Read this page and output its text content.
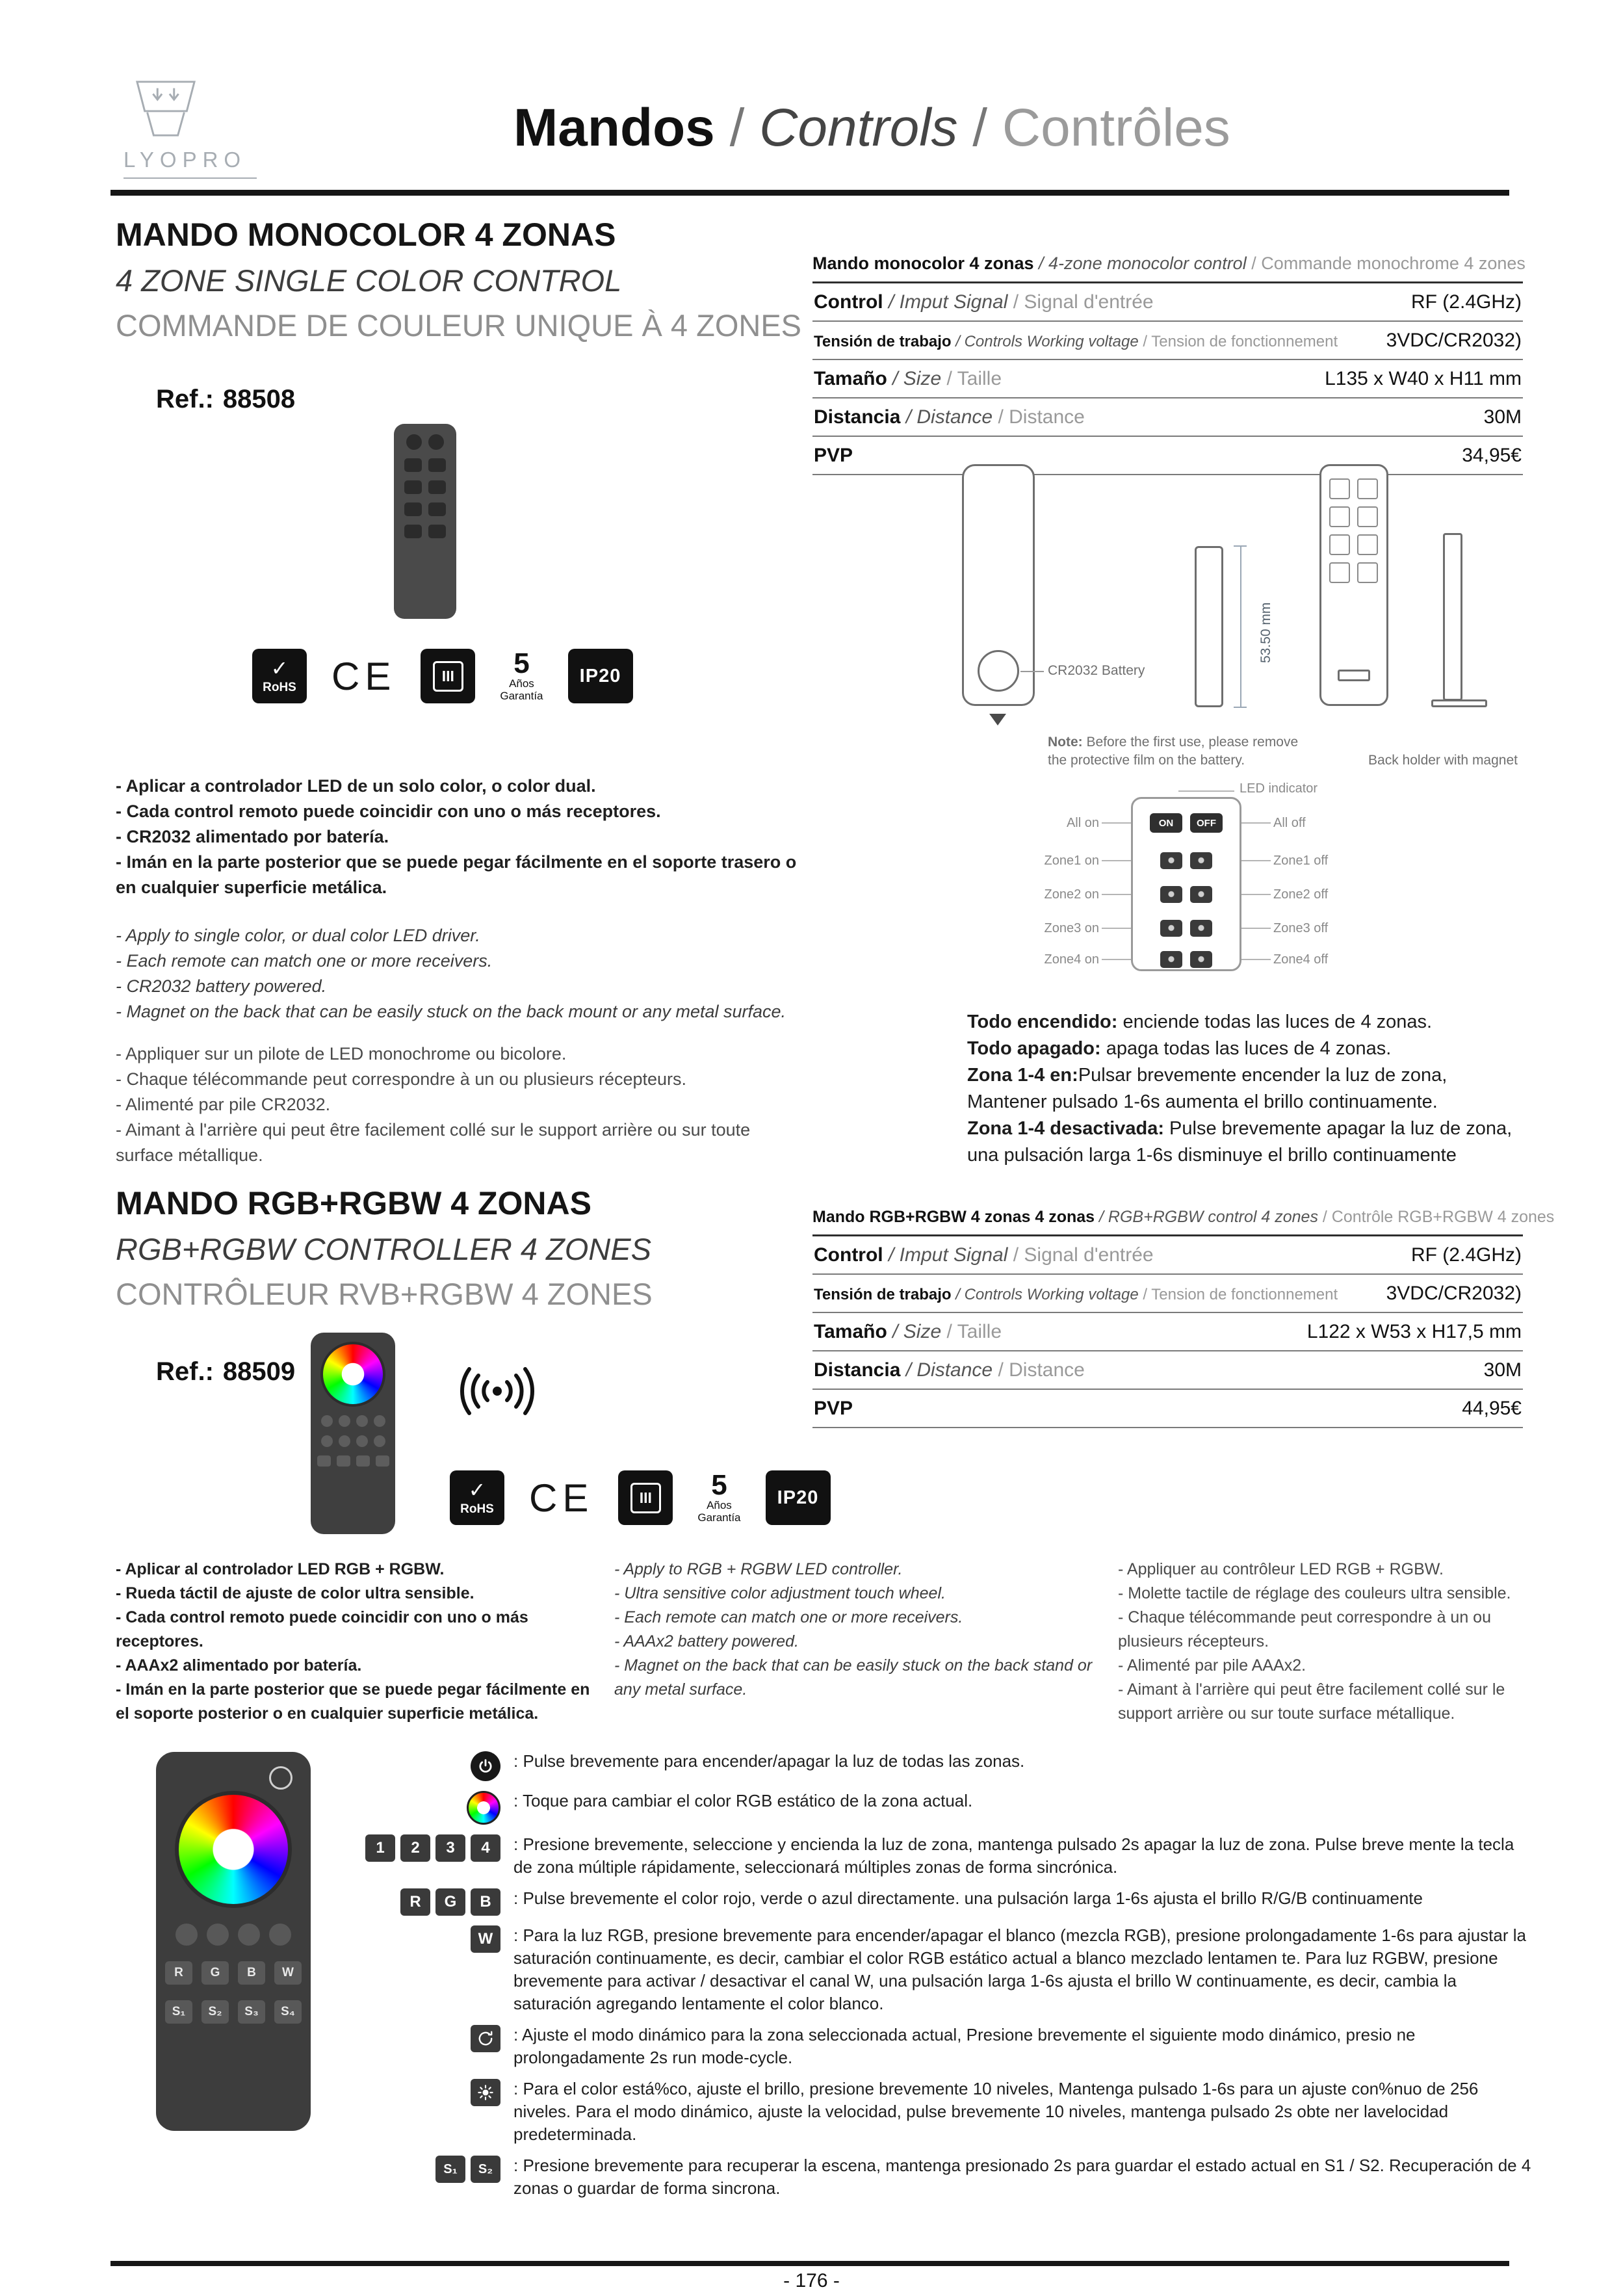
LYOPRO
Mandos / Controls / Contrôles
MANDO MONOCOLOR 4 ZONAS
4 ZONE SINGLE COLOR CONTROL
COMMANDE DE COULEUR UNIQUE À 4 ZONES
Ref.: 88508
✓
RoHS CE	III	5
Años
Garantía
IP20
- Aplicar a controlador LED de un solo color, o color dual.
- Cada control remoto puede coincidir con uno o más receptores.
- CR2032 alimentado por batería.
- Imán en la parte posterior que se puede pegar fácilmente en el soporte trasero o en cualquier superficie metálica.
- Apply to single color, or dual color LED driver.
- Each remote can match one or more receivers.
- CR2032 battery powered.
- Magnet on the back that can be easily stuck on the back mount or any metal surface.
- Appliquer sur un pilote de LED monochrome ou bicolore.
- Chaque télécommande peut correspondre à un ou plusieurs récepteurs.
- Alimenté par pile CR2032.
- Aimant à l'arrière qui peut être facilement collé sur le support arrière ou sur toute surface métallique.
Mando monocolor 4 zonas / 4-zone monocolor control / Commande monochrome 4 zones
Control / Imput Signal / Signal d'entrée	RF (2.4GHz)
Tensión de trabajo / Controls Working voltage / Tension de fonctionnement 3VDC/CR2032)
Tamaño / Size / Taille	L135 x W40 x H11 mm
Distancia / Distance / Distance	30M
PVP	34,95€
CR2032 Battery
53.50 mm
Note: Before the first use, please remove the protective film on the battery.	Back holder with magnet
LED indicator
All on	ON	OFF	All off
Zone1 on	Zone1 off
Zone2 on	Zone2 off
Zone3 on	Zone3 off
Zone4 on	Zone4 off
Todo encendido: enciende todas las luces de 4 zonas.
Todo apagado: apaga todas las luces de 4 zonas.
Zona 1-4 en:Pulsar brevemente encender la luz de zona, Mantener pulsado 1-6s aumenta el brillo continuamente.
Zona 1-4 desactivada: Pulse brevemente apagar la luz de zona, una pulsación larga 1-6s disminuye el brillo continuamente
MANDO RGB+RGBW 4 ZONAS
RGB+RGBW CONTROLLER 4 ZONES
CONTRÔLEUR RVB+RGBW 4 ZONES
Ref.: 88509
✓
RoHS CE	III	5
Años
Garantía
IP20
Mando RGB+RGBW 4 zonas 4 zonas / RGB+RGBW control 4 zones / Contrôle RGB+RGBW 4 zones
Control / Imput Signal / Signal d'entrée	RF (2.4GHz)
Tensión de trabajo / Controls Working voltage / Tension de fonctionnement 3VDC/CR2032)
Tamaño / Size / Taille	L122 x W53 x H17,5 mm
Distancia / Distance / Distance	30M
PVP	44,95€
- Aplicar al controlador LED RGB + RGBW.
- Rueda táctil de ajuste de color ultra sensible.
- Cada control remoto puede coincidir con uno o más receptores.
- AAAx2 alimentado por batería.
- Imán en la parte posterior que se puede pegar fácilmente en el soporte posterior o en cualquier superficie metálica.
- Apply to RGB + RGBW LED controller.
- Ultra sensitive color adjustment touch wheel.
- Each remote can match one or more receivers.
- AAAx2 battery powered.
- Magnet on the back that can be easily stuck on the back stand or any metal surface.
- Appliquer au contrôleur LED RGB + RGBW.
- Molette tactile de réglage des couleurs ultra sensible.
- Chaque télécommande peut correspondre à un ou plusieurs récepteurs.
- Alimenté par pile AAAx2.
- Aimant à l'arrière qui peut être facilement collé sur le support arrière ou sur toute surface métallique.
R	G	B	W
S₁	S₂	S₃	S₄
: Pulse brevemente para encender/apagar la luz de todas las zonas.
: Toque para cambiar el color RGB estático de la zona actual.
1	2	3	4	: Presione brevemente, seleccione y encienda la luz de zona, mantenga pulsado 2s apagar la luz de zona. Pulse breve mente la tecla de zona múltiple rápidamente, seleccionará múltiples zonas de forma sincrónica.
R	G	B	: Pulse brevemente el color rojo, verde o azul directamente. una pulsación larga 1-6s ajusta el brillo R/G/B continuamente
W	: Para la luz RGB, presione brevemente para encender/apagar el blanco (mezcla RGB), presione prolongadamente 1-6s para ajustar la saturación continuamente, es decir, cambiar el color RGB estático actual a blanco mezclado lentamen te. Para luz RGBW, presione brevemente para activar / desactivar el canal W, una pulsación larga 1-6s ajusta el brillo W continuamente, es decir, cambia la saturación agregando lentamente el color blanco.
: Ajuste el modo dinámico para la zona seleccionada actual, Presione brevemente el siguiente modo dinámico, presio ne prolongadamente 2s run mode-cycle.
: Para el color está%co, ajuste el brillo, presione brevemente 10 niveles, Mantenga pulsado 1-6s para un ajuste con%nuo de 256 niveles. Para el modo dinámico, ajuste la velocidad, pulse brevemente 10 niveles, mantenga pulsado 2s obte ner lavelocidad predeterminada.
S₁	S₂	: Presione brevemente para recuperar la escena, mantenga presionado 2s para guardar el estado actual en S1 / S2. Recuperación de 4 zonas o guardar de forma sincrona.
- 176 -
